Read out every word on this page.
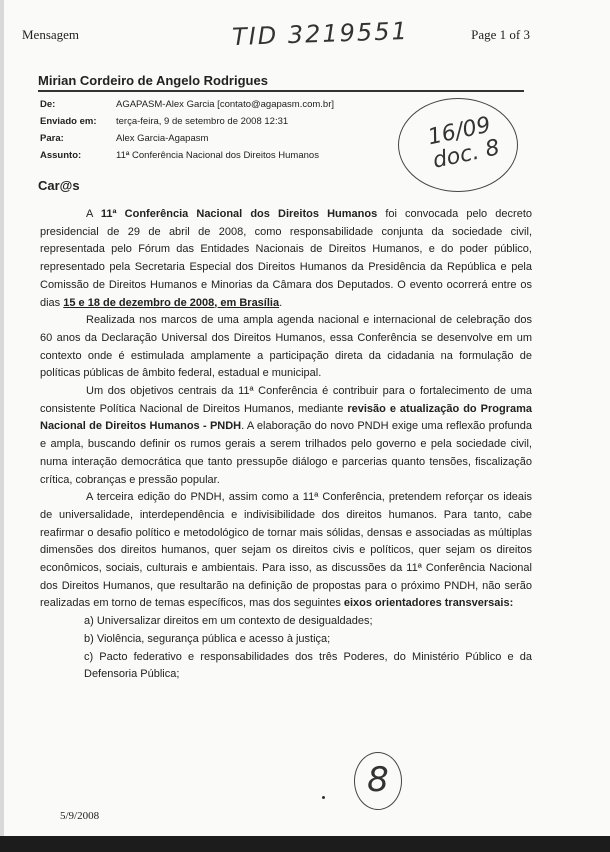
Mensagem	Page 1 of 3
TID 3219551
16/09 doc. 8
Mirian Cordeiro de Angelo Rodrigues
De:	AGAPASM-Alex Garcia [contato@agapasm.com.br]
Enviado em:	terça-feira, 9 de setembro de 2008 12:31
Para:	Alex Garcia-Agapasm
Assunto:	11ª Conferência Nacional dos Direitos Humanos
Car@s

A 11ª Conferência Nacional dos Direitos Humanos foi convocada pelo decreto presidencial de 29 de abril de 2008, como responsabilidade conjunta da sociedade civil, representada pelo Fórum das Entidades Nacionais de Direitos Humanos, e do poder público, representado pela Secretaria Especial dos Direitos Humanos da Presidência da República e pela Comissão de Direitos Humanos e Minorias da Câmara dos Deputados. O evento ocorrerá entre os dias 15 e 18 de dezembro de 2008, em Brasília.

Realizada nos marcos de uma ampla agenda nacional e internacional de celebração dos 60 anos da Declaração Universal dos Direitos Humanos, essa Conferência se desenvolve em um contexto onde é estimulada amplamente a participação direta da cidadania na formulação de políticas públicas de âmbito federal, estadual e municipal.

Um dos objetivos centrais da 11ª Conferência é contribuir para o fortalecimento de uma consistente Política Nacional de Direitos Humanos, mediante revisão e atualização do Programa Nacional de Direitos Humanos - PNDH. A elaboração do novo PNDH exige uma reflexão profunda e ampla, buscando definir os rumos gerais a serem trilhados pelo governo e pela sociedade civil, numa interação democrática que tanto pressupõe diálogo e parcerias quanto tensões, fiscalização crítica, cobranças e pressão popular.

A terceira edição do PNDH, assim como a 11ª Conferência, pretendem reforçar os ideais de universalidade, interdependência e indivisibilidade dos direitos humanos. Para tanto, cabe reafirmar o desafio político e metodológico de tornar mais sólidas, densas e associadas as múltiplas dimensões dos direitos humanos, quer sejam os direitos civis e políticos, quer sejam os direitos econômicos, sociais, culturais e ambientais. Para isso, as discussões da 11ª Conferência Nacional dos Direitos Humanos, que resultarão na definição de propostas para o próximo PNDH, não serão realizadas em torno de temas específicos, mas dos seguintes eixos orientadores transversais:

a) Universalizar direitos em um contexto de desigualdades;
b) Violência, segurança pública e acesso à justiça;
c) Pacto federativo e responsabilidades dos três Poderes, do Ministério Público e da Defensoria Pública;
8
5/9/2008
